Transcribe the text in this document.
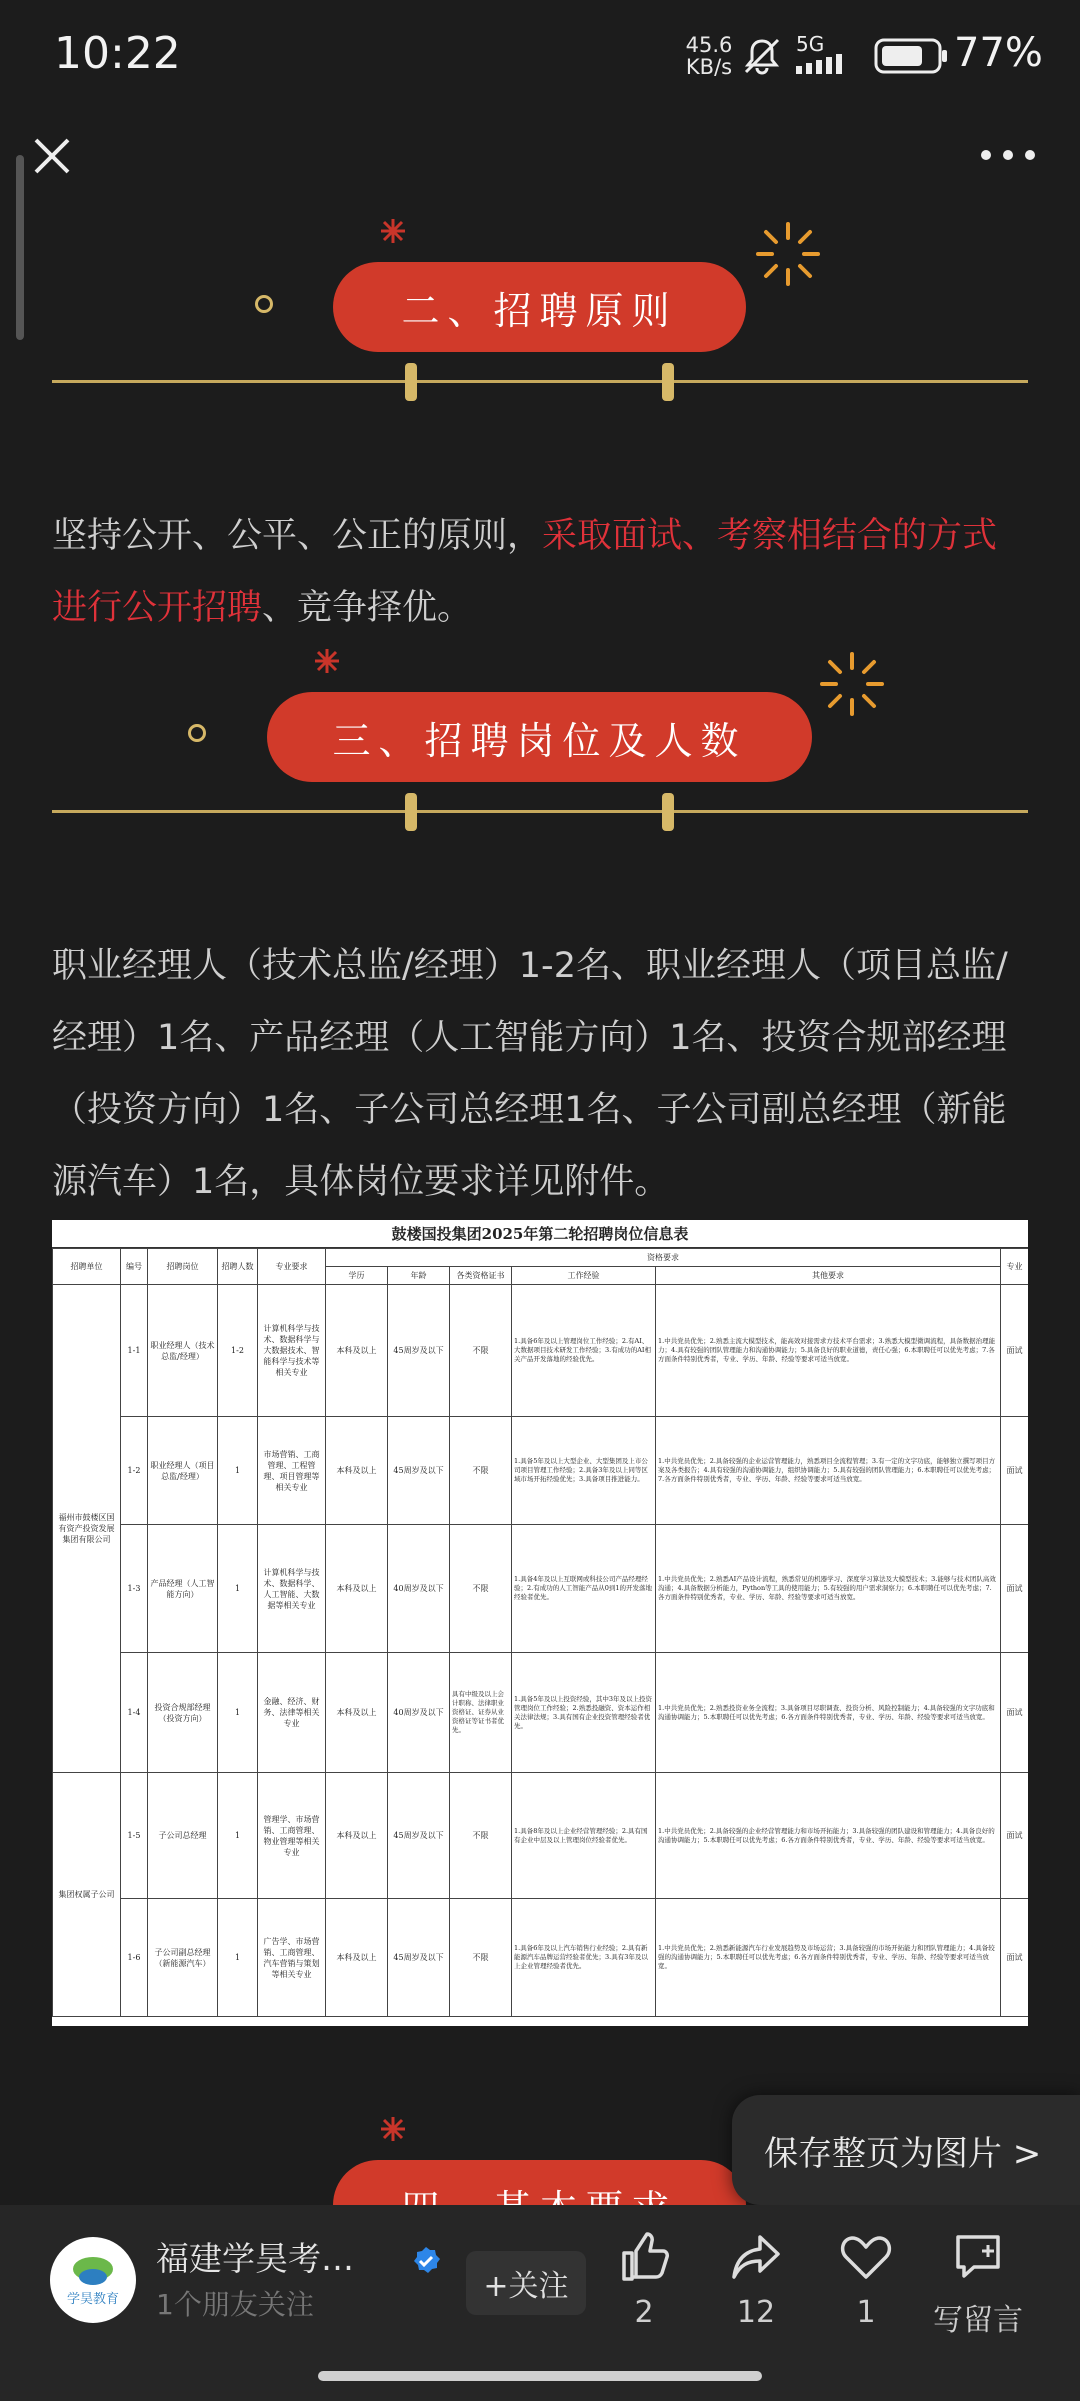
10:22	45.6
KB/s
5G	77%
二、招聘原则
坚持公开、公平、公正的原则，采取面试、考察相结合的方式进行公开招聘、竞争择优。
三、招聘岗位及人数
职业经理人（技术总监/经理）1-2名、职业经理人（项目总监/经理）1名、产品经理（人工智能方向）1名、投资合规部经理（投资方向）1名、子公司总经理1名、子公司副总经理（新能源汽车）1名，具体岗位要求详见附件。
鼓楼国投集团2025年第二轮招聘岗位信息表
招聘单位	编号	招聘岗位	招聘人数	专业要求	资格要求					专业
					学历	年龄	各类资格证书	工作经验	其他要求	
福州市鼓楼区国有资产投资发展集团有限公司	1-1	职业经理人（技术总监/经理）	1-2	计算机科学与技术、数据科学与大数据技术、智能科学与技术等相关专业	本科及以上	45周岁及以下	不限	1.具备6年及以上管理岗位工作经验；2.有AI、大数据项目技术研发工作经验；3.有成功的AI相关产品开发落地的经验优先。	1.中共党员优先；2.熟悉主流大模型技术，能高效对接需求方技术平台需求；3.熟悉大模型微调流程，具备数据治理能力；4.具有较强的团队管理能力和沟通协调能力；5.具备良好的职业道德，责任心强；6.本职聘任可以优先考虑；7.各方面条件特别优秀者，专业、学历、年龄、经验等要求可适当放宽。	面试
	1-2	职业经理人（项目总监/经理）	1	市场营销、工商管理、工程管理、项目管理等相关专业	本科及以上	45周岁及以下	不限	1.具备5年及以上大型企业、大型集团及上市公司项目管理工作经验；2.具备3年及以上同等区域市场开拓经验优先；3.具备项目推进能力。	1.中共党员优先；2.具备较强的企业运营管理能力，熟悉项目全流程管理；3.有一定的文字功底，能够独立撰写项目方案及各类报告；4.具有较强的沟通协调能力，组织协调能力；5.具有较强的团队管理能力；6.本职聘任可以优先考虑；7.各方面条件特别优秀者，专业、学历、年龄、经验等要求可适当放宽。	面试
	1-3	产品经理（人工智能方向）	1	计算机科学与技术、数据科学、人工智能、大数据等相关专业	本科及以上	40周岁及以下	不限	1.具备4年及以上互联网或科技公司产品经理经验；2.有成功的人工智能产品从0到1的开发落地经验者优先。	1.中共党员优先；2.熟悉AI产品设计流程，熟悉常见的机器学习、深度学习算法及大模型技术；3.能够与技术团队高效沟通；4.具备数据分析能力，Python等工具的使用能力；5.有较强的用户需求洞察力；6.本职聘任可以优先考虑；7.各方面条件特别优秀者，专业、学历、年龄、经验等要求可适当放宽。	面试
	1-4	投资合规部经理（投资方向）	1	金融、经济、财务、法律等相关专业	本科及以上	40周岁及以下	具有中级及以上会计职称、法律职业资格证、证券从业资格证等证书者优先。	1.具备5年及以上投资经验，其中3年及以上投资管理岗位工作经验；2.熟悉投融资、资本运作相关法律法规；3.具有国有企业投资管理经验者优先。	1.中共党员优先；2.熟悉投资业务全流程；3.具备项目尽职调查、投资分析、风险控制能力；4.具备较强的文字功底和沟通协调能力；5.本职聘任可以优先考虑；6.各方面条件特别优秀者，专业、学历、年龄、经验等要求可适当放宽。	面试
集团权属子公司	1-5	子公司总经理	1	管理学、市场营销、工商管理、物业管理等相关专业	本科及以上	45周岁及以下	不限	1.具备8年及以上企业经营管理经验；2.具有国有企业中层及以上管理岗位经验者优先。	1.中共党员优先；2.具备较强的企业经营管理能力和市场开拓能力；3.具备较强的团队建设和管理能力；4.具备良好的沟通协调能力；5.本职聘任可以优先考虑；6.各方面条件特别优秀者，专业、学历、年龄、经验等要求可适当放宽。	面试
	1-6	子公司副总经理（新能源汽车）	1	广告学、市场营销、工商管理、汽车营销与策划等相关专业	本科及以上	45周岁及以下	不限	1.具备6年及以上汽车销售行业经验；2.具有新能源汽车品牌运营经验者优先；3.具有3年及以上企业管理经验者优先。	1.中共党员优先；2.熟悉新能源汽车行业发展趋势及市场运营；3.具备较强的市场开拓能力和团队管理能力；4.具备较强的沟通协调能力；5.本职聘任可以优先考虑；6.各方面条件特别优秀者，专业、学历、年龄、经验等要求可适当放宽。	面试
保存整页为图片 >
学昊教育
福建学昊考…
1个朋友关注
+关注
2	12	1	写留言
